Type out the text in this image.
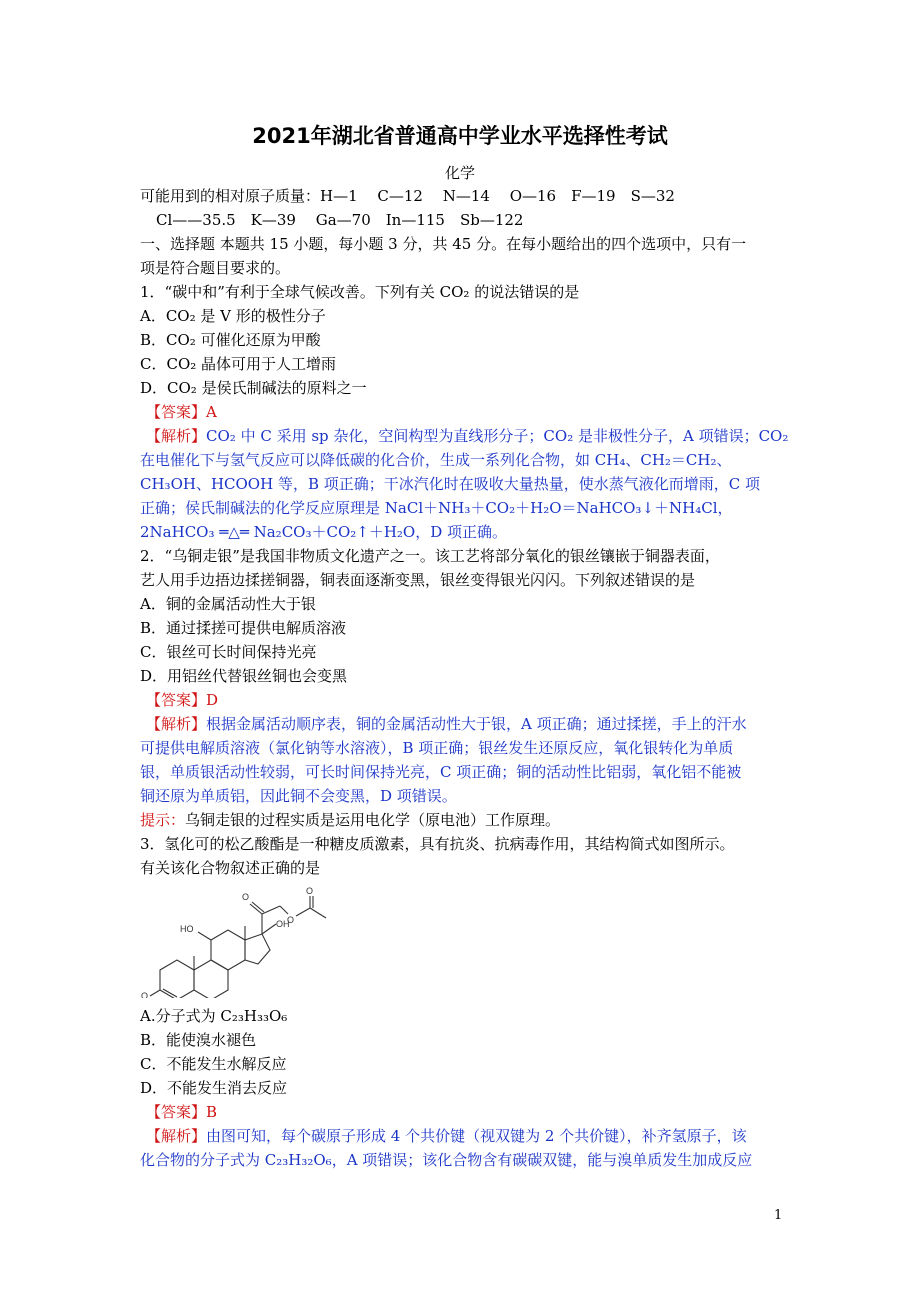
2021年湖北省普通高中学业水平选择性考试
化学
可能用到的相对原子质量：H—1　 C—12　 N—14　 O—16　F—19　S—32
Cl——35.5　K—39　 Ga—70　In—115　Sb—122
一、选择题 本题共 15 小题，每小题 3 分，共 45 分。在每小题给出的四个选项中，只有一
项是符合题目要求的。
1．“碳中和”有利于全球气候改善。下列有关 CO₂ 的说法错误的是
A．CO₂ 是 V 形的极性分子
B．CO₂ 可催化还原为甲酸
C．CO₂ 晶体可用于人工增雨
D．CO₂ 是侯氏制碱法的原料之一
【答案】A
【解析】CO₂ 中 C 采用 sp 杂化，空间构型为直线形分子；CO₂ 是非极性分子，A 项错误；CO₂
在电催化下与氢气反应可以降低碳的化合价，生成一系列化合物，如 CH₄、CH₂＝CH₂、
CH₃OH、HCOOH 等，B 项正确；干冰汽化时在吸收大量热量，使水蒸气液化而增雨，C 项
正确；侯氏制碱法的化学反应原理是 NaCl＋NH₃＋CO₂＋H₂O＝NaHCO₃↓＋NH₄Cl，
2NaHCO₃ ═△═ Na₂CO₃＋CO₂↑＋H₂O，D 项正确。
2．“乌铜走银”是我国非物质文化遗产之一。该工艺将部分氧化的银丝镶嵌于铜器表面，
艺人用手边捂边揉搓铜器，铜表面逐渐变黑，银丝变得银光闪闪。下列叙述错误的是
A．铜的金属活动性大于银
B．通过揉搓可提供电解质溶液
C．银丝可长时间保持光亮
D．用铝丝代替银丝铜也会变黑
【答案】D
【解析】根据金属活动顺序表，铜的金属活动性大于银，A 项正确；通过揉搓，手上的汗水
可提供电解质溶液（氯化钠等水溶液），B 项正确；银丝发生还原反应，氧化银转化为单质
银，单质银活动性较弱，可长时间保持光亮，C 项正确；铜的活动性比铝弱，氧化铝不能被
铜还原为单质铝，因此铜不会变黑，D 项错误。
提示：乌铜走银的过程实质是运用电化学（原电池）工作原理。
3．氢化可的松乙酸酯是一种糖皮质激素，具有抗炎、抗病毒作用，其结构简式如图所示。
有关该化合物叙述正确的是
O
HO	OH
O
O
O
A.分子式为 C₂₃H₃₃O₆
B．能使溴水褪色
C．不能发生水解反应
D．不能发生消去反应
【答案】B
【解析】由图可知，每个碳原子形成 4 个共价键（视双键为 2 个共价键），补齐氢原子，该
化合物的分子式为 C₂₃H₃₂O₆，A 项错误；该化合物含有碳碳双键，能与溴单质发生加成反应
1
